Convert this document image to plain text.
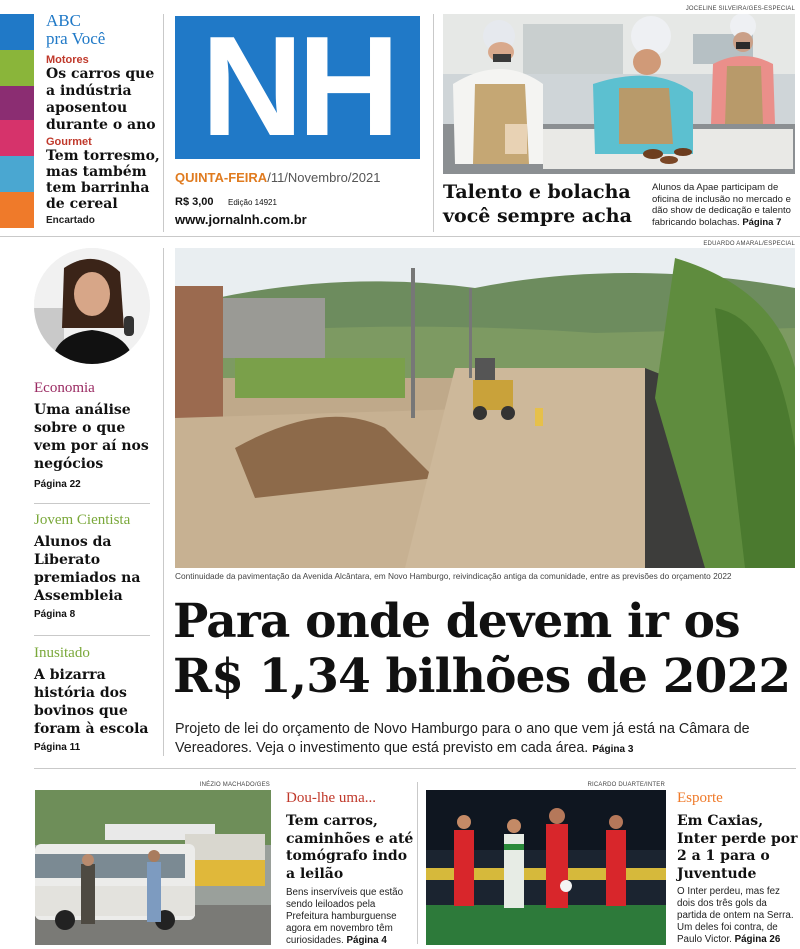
ABC
pra Você
Motores
Os carros que a indústria aposentou durante o ano
Gourmet
Tem torresmo, mas também tem barrinha de cereal
Encartado
NH
QUINTA-FEIRA/11/Novembro/2021
R$ 3,00 Edição 14921
www.jornalnh.com.br
JOCELINE SILVEIRA/GES-ESPECIAL
Talento e bolacha você sempre acha
Alunos da Apae participam de oficina de inclusão no mercado e dão show de dedicação e talento fabricando bolachas. Página 7
Economia
Uma análise sobre o que vem por aí nos negócios
Página 22
Jovem Cientista
Alunos da Liberato premiados na Assembleia
Página 8
Inusitado
A bizarra história dos bovinos que foram à escola
Página 11
EDUARDO AMARAL/ESPECIAL
Continuidade da pavimentação da Avenida Alcântara, em Novo Hamburgo, reivindicação antiga da comunidade, entre as previsões do orçamento 2022
Para onde devem ir os
R$ 1,34 bilhões de 2022
Projeto de lei do orçamento de Novo Hamburgo para o ano que vem já está na Câmara de Vereadores. Veja o investimento que está previsto em cada área. Página 3
INÉZIO MACHADO/GES
Dou-lhe uma...
Tem carros, caminhões e até tomógrafo indo a leilão
Bens inservíveis que estão sendo leiloados pela Prefeitura hamburguense agora em novembro têm curiosidades. Página 4
RICARDO DUARTE/INTER
Esporte
Em Caxias, Inter perde por 2 a 1 para o Juventude
O Inter perdeu, mas fez dois dos três gols da partida de ontem na Serra. Um deles foi contra, de Paulo Victor. Página 26
